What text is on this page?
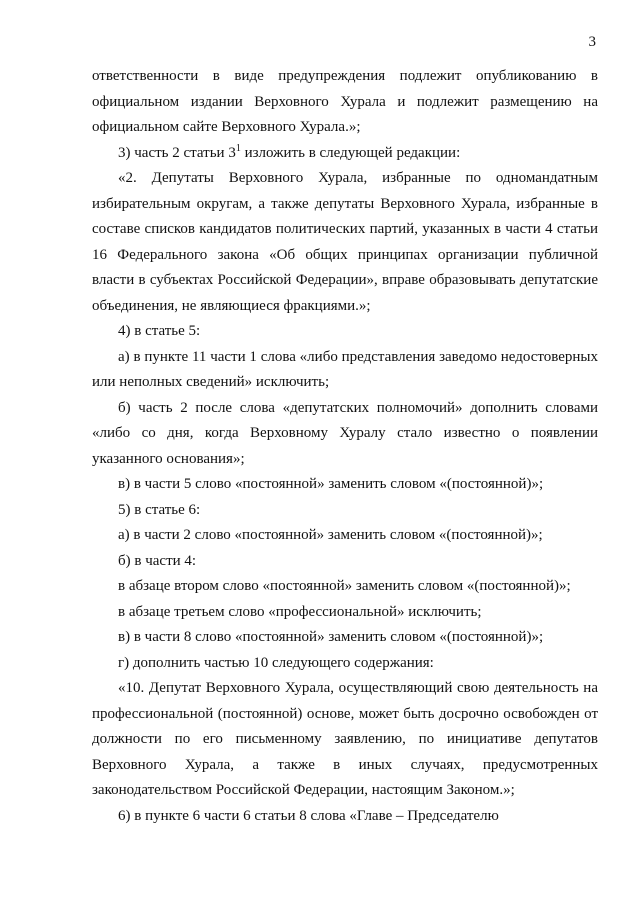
3

ответственности в виде предупреждения подлежит опубликованию в официальном издании Верховного Хурала и подлежит размещению на официальном сайте Верховного Хурала.»;

3) часть 2 статьи $3^1$ изложить в следующей редакции:

«2. Депутаты Верховного Хурала, избранные по одномандатным избирательным округам, а также депутаты Верховного Хурала, избранные в составе списков кандидатов политических партий, указанных в части 4 статьи 16 Федерального закона «Об общих принципах организации публичной власти в субъектах Российской Федерации», вправе образовывать депутатские объединения, не являющиеся фракциями.»;

4) в статье 5:

а) в пункте 11 части 1 слова «либо представления заведомо недостоверных или неполных сведений» исключить;

б) часть 2 после слова «депутатских полномочий» дополнить словами «либо со дня, когда Верховному Хуралу стало известно о появлении указанного основания»;

в) в части 5 слово «постоянной» заменить словом «(постоянной)»;

5) в статье 6:

а) в части 2 слово «постоянной» заменить словом «(постоянной)»;

б) в части 4:

в абзаце втором слово «постоянной» заменить словом «(постоянной)»;

в абзаце третьем слово «профессиональной» исключить;

в) в части 8 слово «постоянной» заменить словом «(постоянной)»;

г) дополнить частью 10 следующего содержания:

«10. Депутат Верховного Хурала, осуществляющий свою деятельность на профессиональной (постоянной) основе, может быть досрочно освобожден от должности по его письменному заявлению, по инициативе депутатов Верховного Хурала, а также в иных случаях, предусмотренных законодательством Российской Федерации, настоящим Законом.»;

6) в пункте 6 части 6 статьи 8 слова «Главе – Председателю
